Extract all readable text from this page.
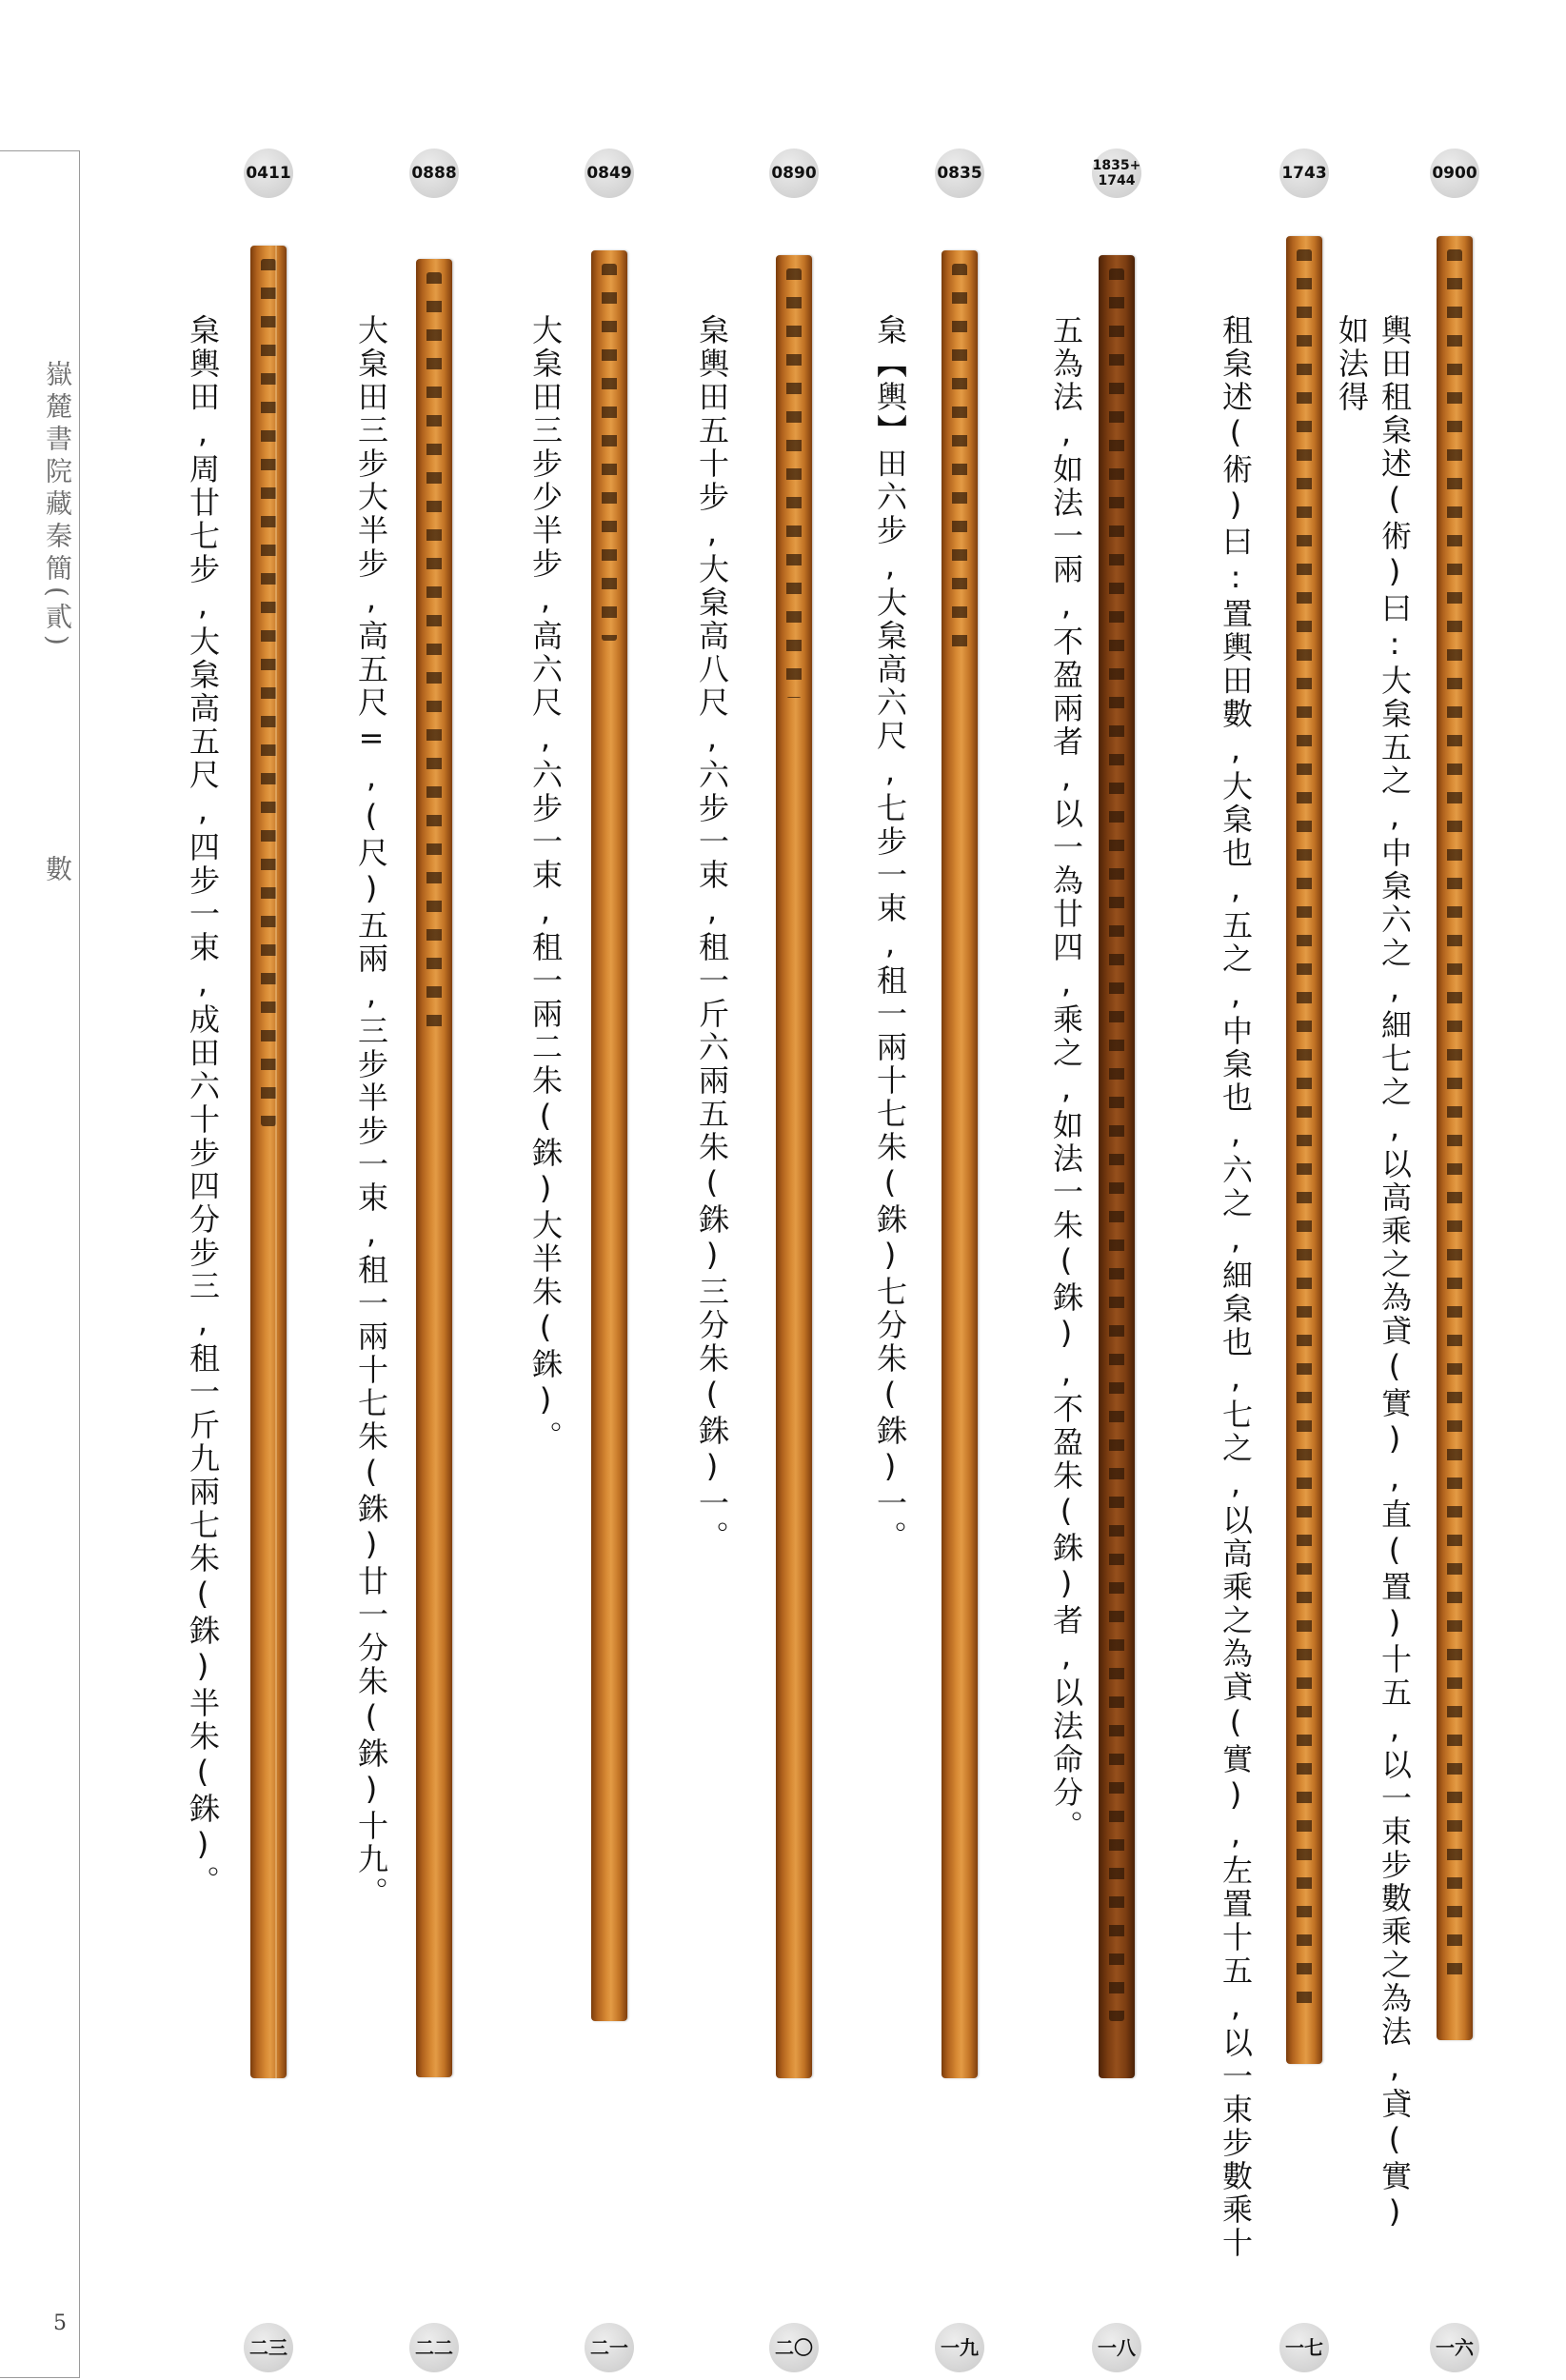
嶽麓書院藏秦簡(貳)
數
5
0900
一六
輿田租枲述(術)曰:大枲五之,中枲六之,細七之,以高乘之為貣(實),直(置)十五,以一束步數乘之為法,貣(實)
如法得
1743
一七
租枲述(術)曰:置輿田數,大枲也,五之,中枲也,六之,細枲也,七之,以高乘之為貣(實),左置十五,以一束步數乘十
1835+
1744
一八
五為法,如法一兩,不盈兩者,以一為廿四,乘之,如法一朱(銖),不盈朱(銖)者,以法命分。
0835
一九
枲【輿】田六步,大枲高六尺,七步一束,租一兩十七朱(銖)七分朱(銖)一。
0890
二〇
枲輿田五十步,大枲高八尺,六步一束,租一斤六兩五朱(銖)三分朱(銖)一。
0849
二一
大枲田三步少半步,高六尺,六步一束,租一兩二朱(銖)大半朱(銖)。
0888
二二
大枲田三步大半步,高五尺=,(尺)五兩,三步半步一束,租一兩十七朱(銖)廿一分朱(銖)十九。
0411
二三
枲輿田,周廿七步,大枲高五尺,四步一束,成田六十步四分步三,租一斤九兩七朱(銖)半朱(銖)。
